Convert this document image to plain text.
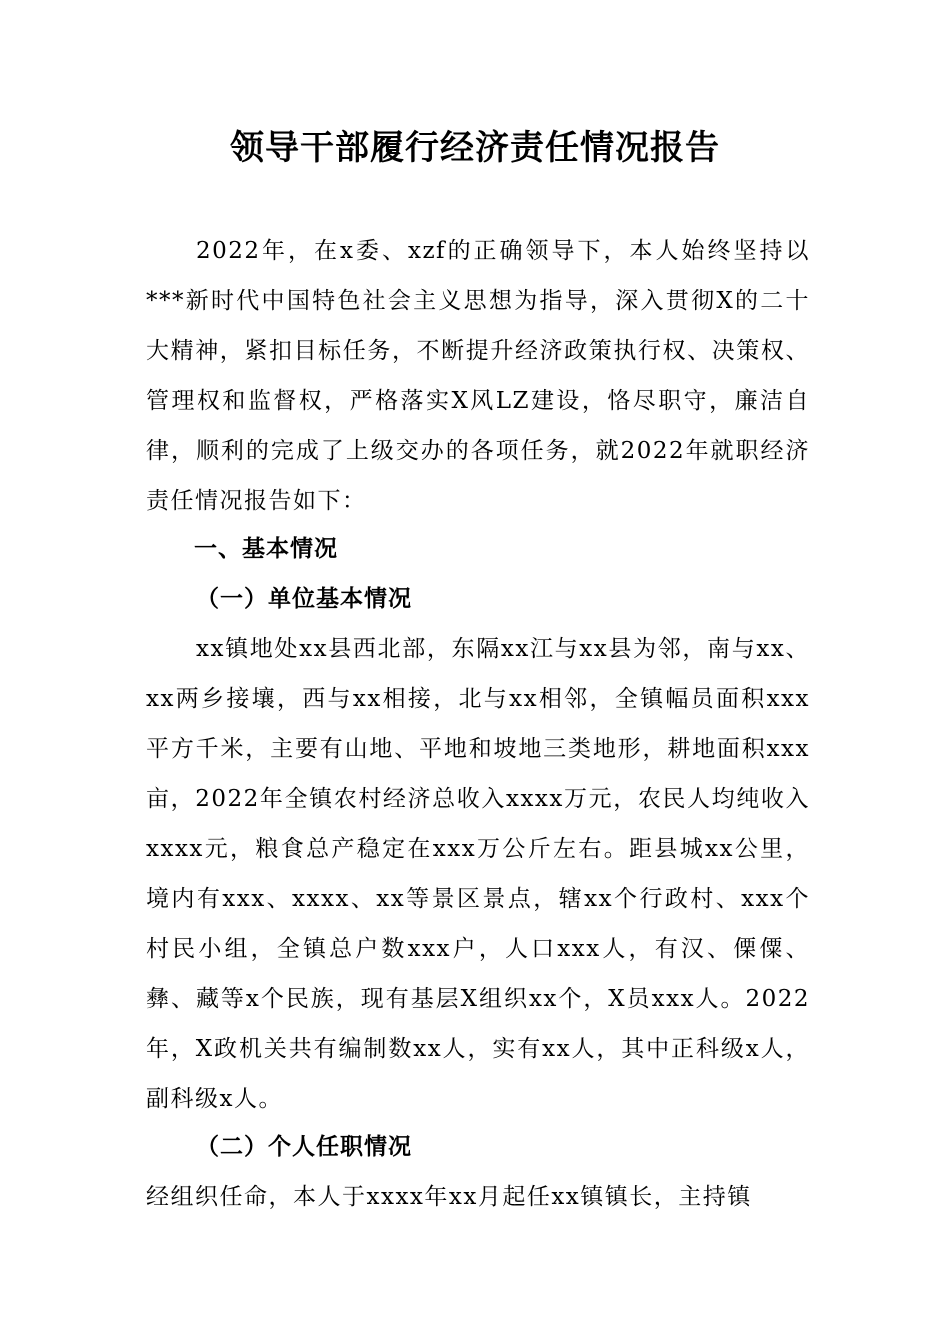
领导干部履行经济责任情况报告

2022年，在x委、xzf的正确领导下，本人始终坚持以***新时代中国特色社会主义思想为指导，深入贯彻X的二十大精神，紧扣目标任务，不断提升经济政策执行权、决策权、管理权和监督权，严格落实X风LZ建设，恪尽职守，廉洁自律，顺利的完成了上级交办的各项任务，就2022年就职经济责任情况报告如下：

一、基本情况
（一）单位基本情况

xx镇地处xx县西北部，东隔xx江与xx县为邻，南与xx、xx两乡接壤，西与xx相接，北与xx相邻，全镇幅员面积xxx平方千米，主要有山地、平地和坡地三类地形，耕地面积xxx亩，2022年全镇农村经济总收入xxxx万元，农民人均纯收入xxxx元，粮食总产稳定在xxx万公斤左右。距县城xx公里，境内有xxx、xxxx、xx等景区景点，辖xx个行政村、xxx个村民小组，全镇总户数xxx户，人口xxx人，有汉、傈僳、彝、藏等x个民族，现有基层X组织xx个，X员xxx人。2022年，X政机关共有编制数xx人，实有xx人，其中正科级x人，副科级x人。

（二）个人任职情况

经组织任命，本人于xxxx年xx月起任xx镇镇长，主持镇
